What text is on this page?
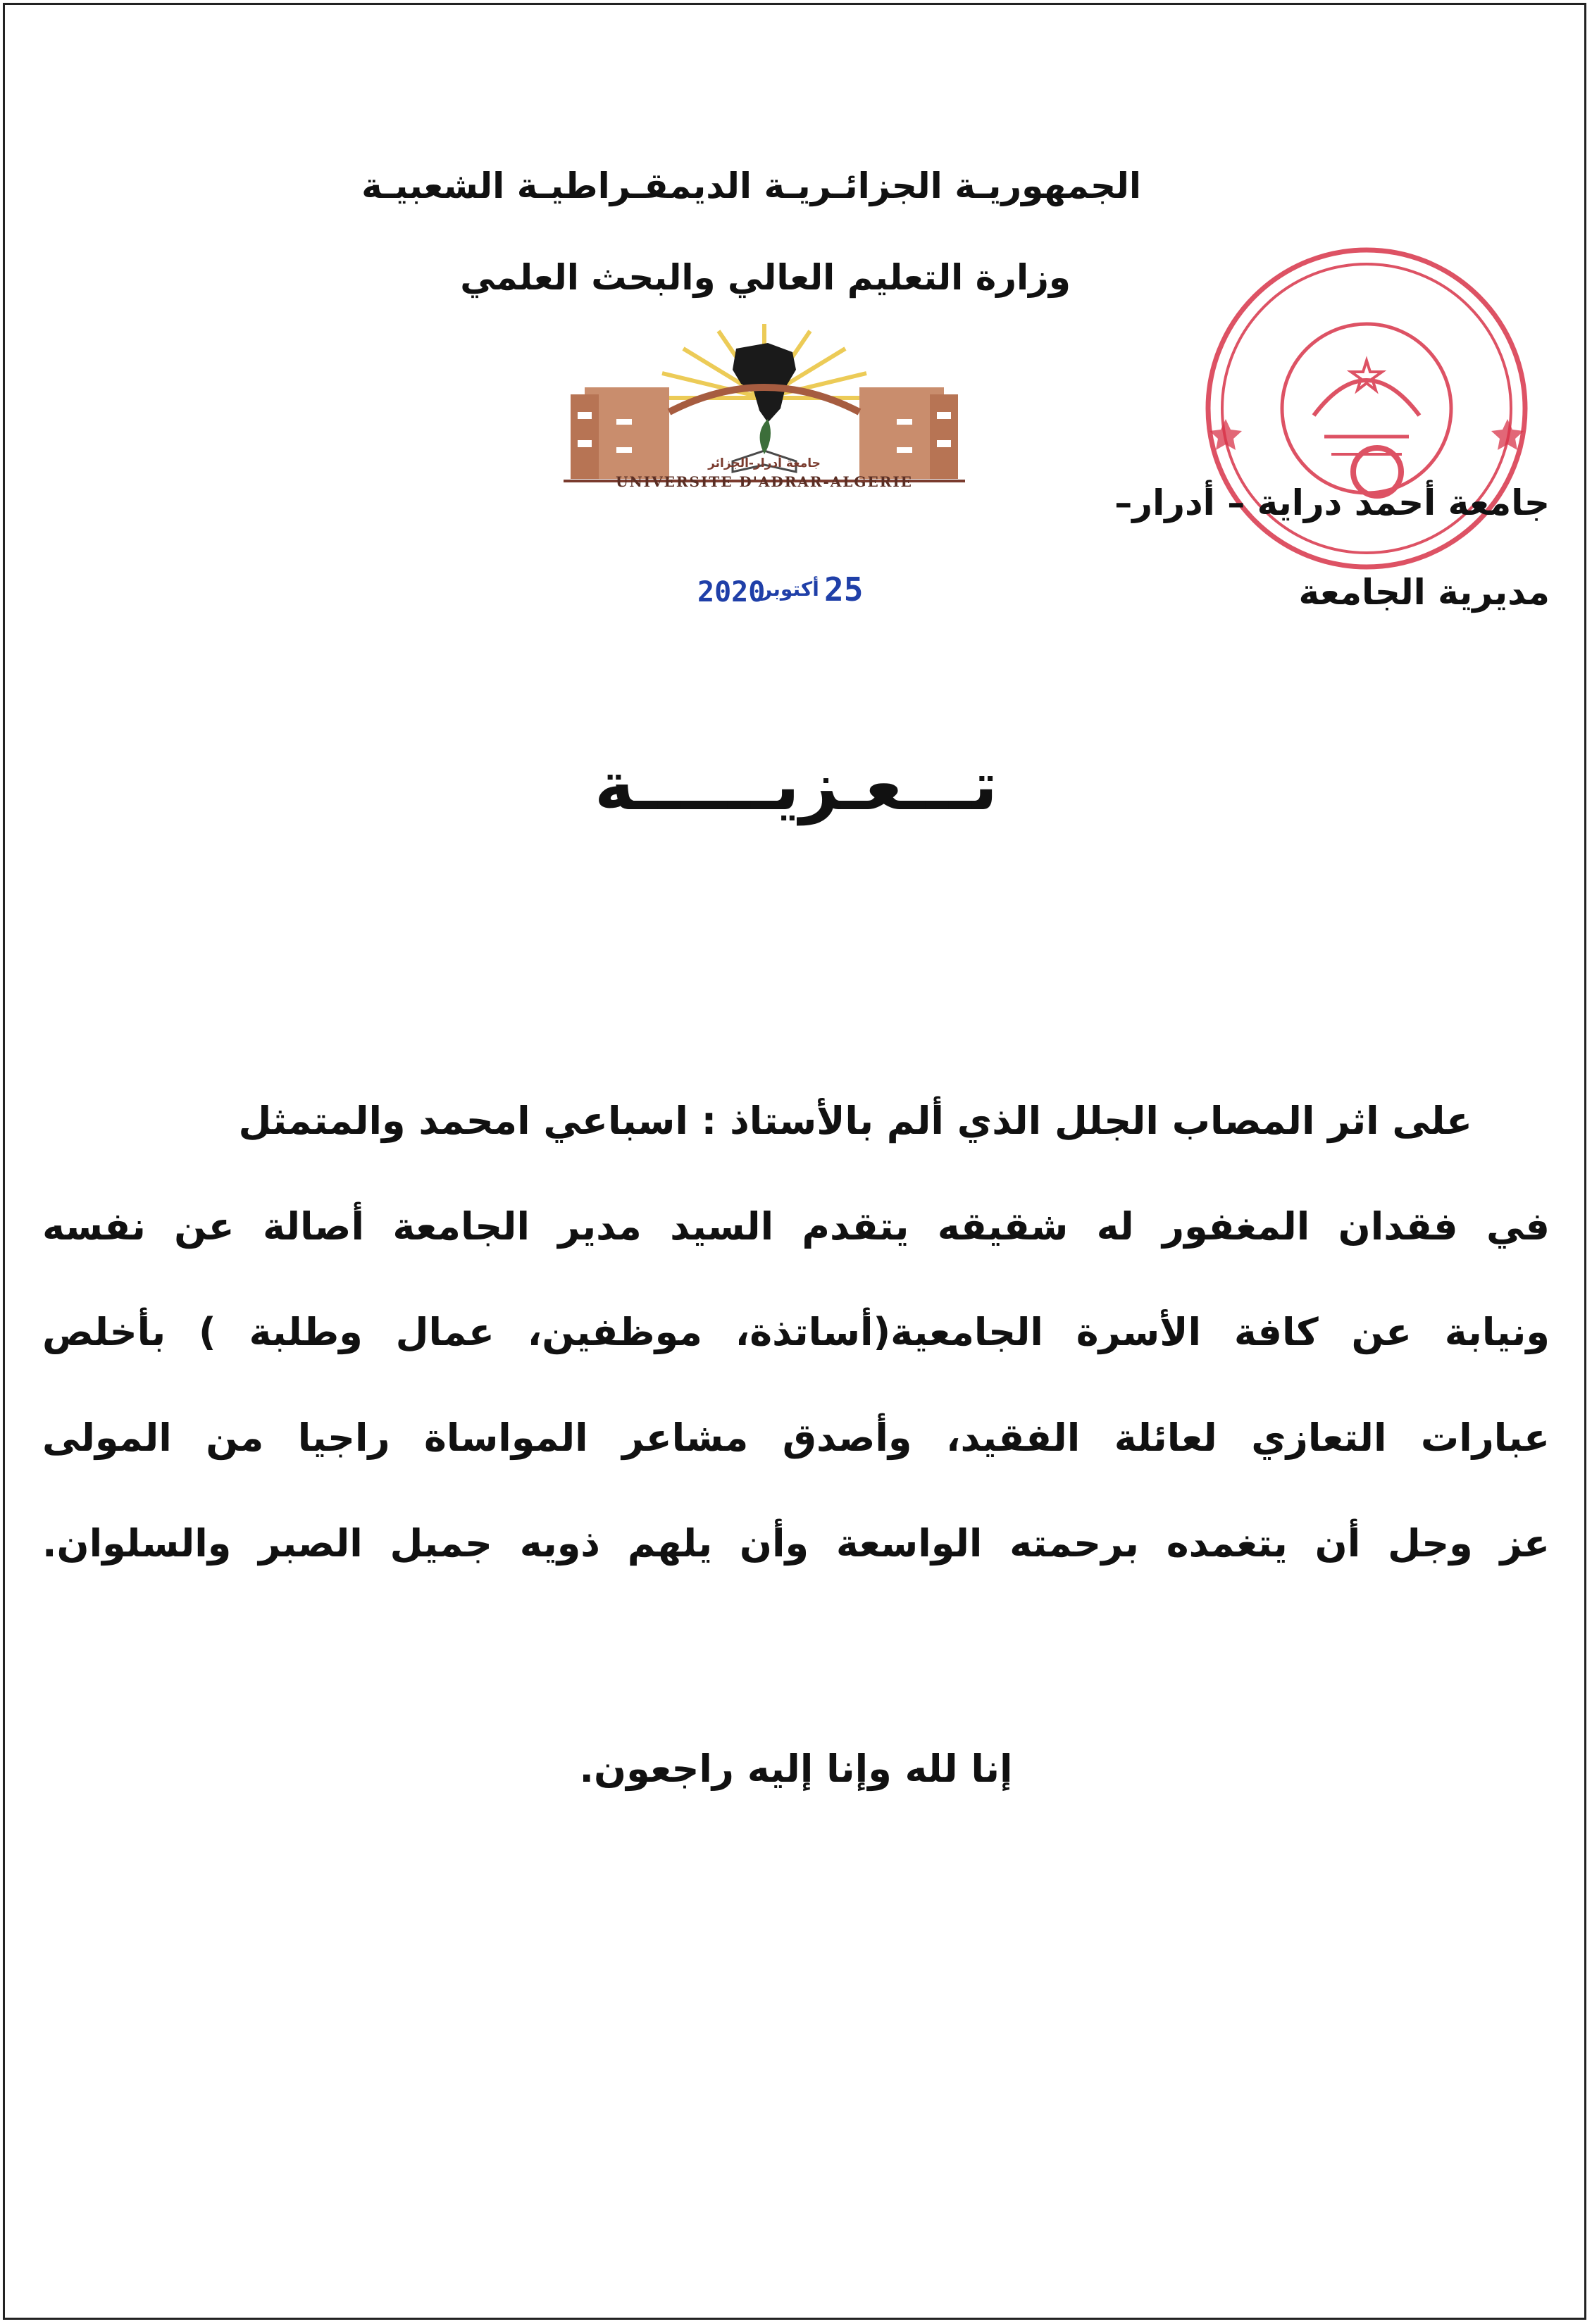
الجمهوريـة الجزائـريـة الديمقـراطيـة الشعبيـة
وزارة التعليم العالي والبحث العلمي
جامعة أدرار-الجزائر
UNIVERSITE D'ADRAR-ALGERIE
جامعة أحمد دراية – أدرار–
مديرية الجامعة
25
أكتوبر
2020
تـــعـزيــــــة
على اثر المصاب الجلل الذي ألم بالأستاذ : اسباعي امحمد والمتمثل
في فقدان المغفور له شقيقه يتقدم السيد مدير الجامعة أصالة عن نفسه
ونيابة عن كافة الأسرة الجامعية(أساتذة، موظفين، عمال وطلبة ) بأخلص
عبارات التعازي لعائلة الفقيد، وأصدق مشاعر المواساة راجيا من المولى
عز وجل أن يتغمده برحمته الواسعة وأن يلهم ذويه جميل الصبر والسلوان.
إنا لله وإنا إليه راجعون.
